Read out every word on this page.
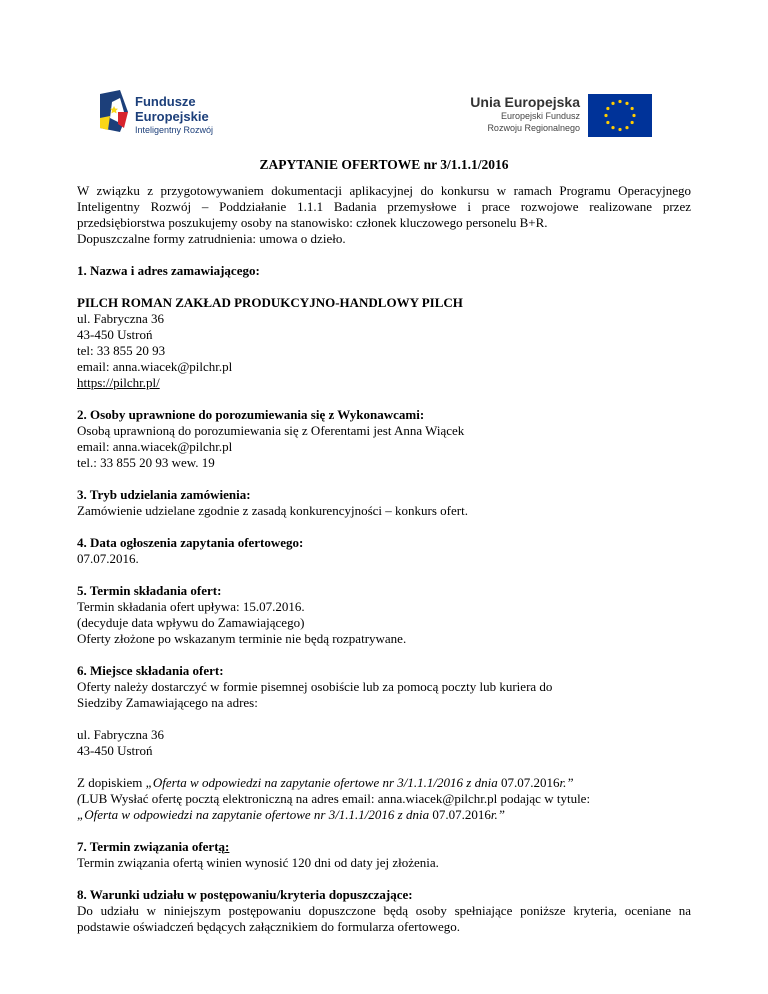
Fundusze
Europejskie
Inteligentny Rozwój
Unia Europejska
Europejski Fundusz
Rozwoju Regionalnego
ZAPYTANIE OFERTOWE nr 3/1.1.1/2016

W związku z przygotowywaniem dokumentacji aplikacyjnej do konkursu w ramach Programu Operacyjnego Inteligentny Rozwój – Poddziałanie 1.1.1 Badania przemysłowe i prace rozwojowe realizowane przez przedsiębiorstwa poszukujemy osoby na stanowisko: członek kluczowego personelu B+R.

Dopuszczalne formy zatrudnienia: umowa o dzieło.

1. Nazwa i adres zamawiającego:

PILCH ROMAN ZAKŁAD PRODUKCYJNO-HANDLOWY PILCH

ul. Fabryczna 36

43-450 Ustroń

tel: 33 855 20 93

email: anna.wiacek@pilchr.pl

https://pilchr.pl/

2. Osoby uprawnione do porozumiewania się z Wykonawcami:

Osobą uprawnioną do porozumiewania się z Oferentami jest Anna Wiącek

email: anna.wiacek@pilchr.pl

tel.: 33 855 20 93 wew. 19

3. Tryb udzielania zamówienia:

Zamówienie udzielane zgodnie z zasadą konkurencyjności – konkurs ofert.

4. Data ogłoszenia zapytania ofertowego:

07.07.2016.

5. Termin składania ofert:

Termin składania ofert upływa: 15.07.2016.

(decyduje data wpływu do Zamawiającego)

Oferty złożone po wskazanym terminie nie będą rozpatrywane.

6. Miejsce składania ofert:

Oferty należy dostarczyć w formie pisemnej osobiście lub za pomocą poczty lub kuriera do

Siedziby Zamawiającego na adres:

ul. Fabryczna 36

43-450 Ustroń

Z dopiskiem „Oferta w odpowiedzi na zapytanie ofertowe nr 3/1.1.1/2016 z dnia 07.07.2016r.”

(LUB Wysłać ofertę pocztą elektroniczną na adres email: anna.wiacek@pilchr.pl podając w tytule:

„Oferta w odpowiedzi na zapytanie ofertowe nr 3/1.1.1/2016 z dnia 07.07.2016r.”

7. Termin związania ofertą:

Termin związania ofertą winien wynosić 120 dni od daty jej złożenia.

8. Warunki udziału w postępowaniu/kryteria dopuszczające:

Do udziału w niniejszym postępowaniu dopuszczone będą osoby spełniające poniższe kryteria, oceniane na podstawie oświadczeń będących załącznikiem do formularza ofertowego.
